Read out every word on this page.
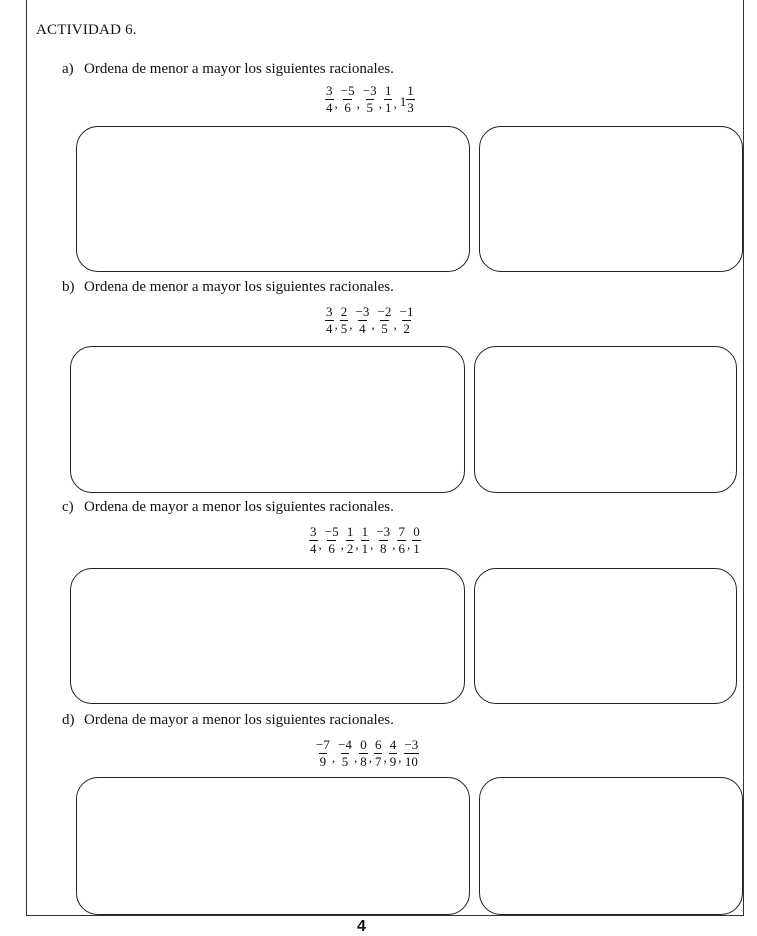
ACTIVIDAD 6.
a) Ordena de menor a mayor los siguientes racionales.
$\frac{3}{4}$ , $\frac{-5}{6}$ , $\frac{-3}{5}$ , $\frac{1}{1}$ , $1 \frac{1}{3}$
b) Ordena de menor a mayor los siguientes racionales.
$\frac{3}{4}$ , $\frac{2}{5}$ , $\frac{-3}{4}$ , $\frac{-2}{5}$ , $\frac{-1}{2}$
c) Ordena de mayor a menor los siguientes racionales.
$\frac{3}{4}$ , $\frac{-5}{6}$ , $\frac{1}{2}$ , $\frac{1}{1}$ , $\frac{-3}{8}$ , $\frac{7}{6}$ , $\frac{0}{1}$
d) Ordena de mayor a menor los siguientes racionales.
$\frac{-7}{9}$ , $\frac{-4}{5}$ , $\frac{0}{8}$ , $\frac{6}{7}$ , $\frac{4}{9}$ , $\frac{-3}{10}$
4
